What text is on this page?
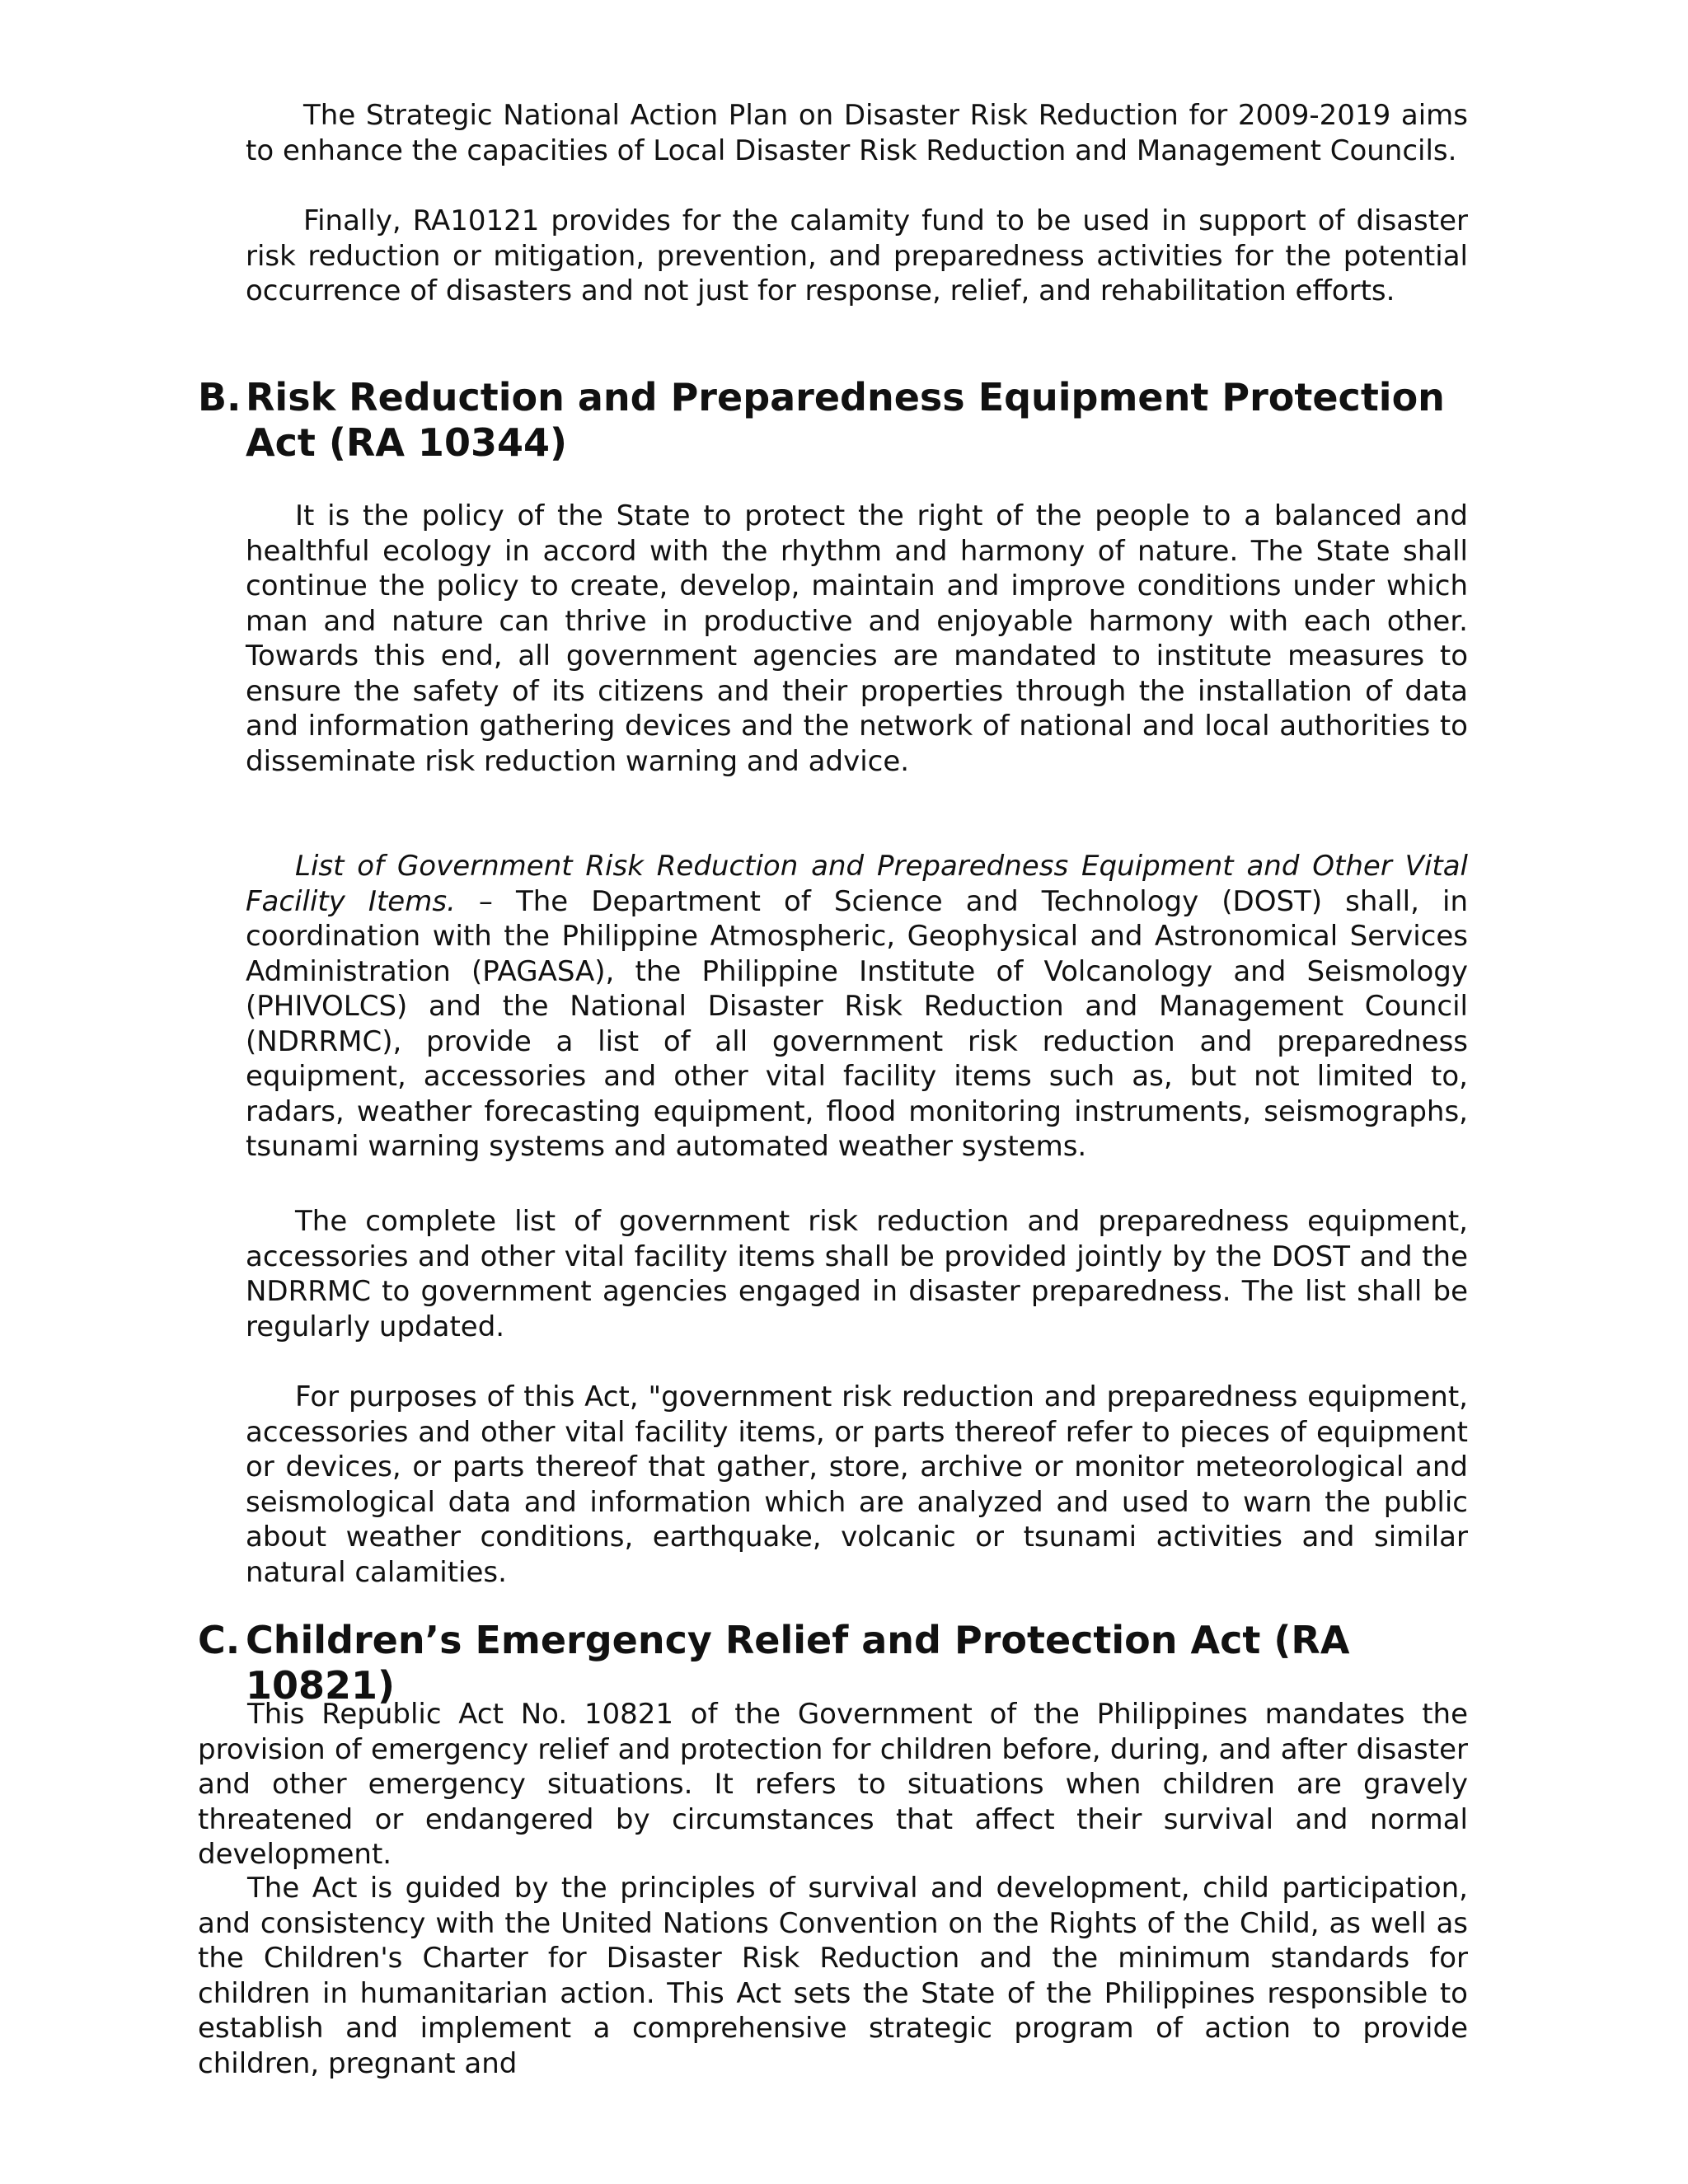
The Strategic National Action Plan on Disaster Risk Reduction for 2009-2019 aims to enhance the capacities of Local Disaster Risk Reduction and Management Councils.

Finally, RA10121 provides for the calamity fund to be used in support of disaster risk reduction or mitigation, prevention, and preparedness activities for the potential occurrence of disasters and not just for response, relief, and rehabilitation efforts.

B. Risk Reduction and Preparedness Equipment Protection Act (RA 10344)

It is the policy of the State to protect the right of the people to a balanced and healthful ecology in accord with the rhythm and harmony of nature. The State shall continue the policy to create, develop, maintain and improve conditions under which man and nature can thrive in productive and enjoyable harmony with each other. Towards this end, all government agencies are mandated to institute measures to ensure the safety of its citizens and their properties through the installation of data and information gathering devices and the network of national and local authorities to disseminate risk reduction warning and advice.

List of Government Risk Reduction and Preparedness Equipment and Other Vital Facility Items. – The Department of Science and Technology (DOST) shall, in coordination with the Philippine Atmospheric, Geophysical and Astronomical Services Administration (PAGASA), the Philippine Institute of Volcanology and Seismology (PHIVOLCS) and the National Disaster Risk Reduction and Management Council (NDRRMC), provide a list of all government risk reduction and preparedness equipment, accessories and other vital facility items such as, but not limited to, radars, weather forecasting equipment, flood monitoring instruments, seismographs, tsunami warning systems and automated weather systems.

The complete list of government risk reduction and preparedness equipment, accessories and other vital facility items shall be provided jointly by the DOST and the NDRRMC to government agencies engaged in disaster preparedness. The list shall be regularly updated.

For purposes of this Act, "government risk reduction and preparedness equipment, accessories and other vital facility items, or parts thereof refer to pieces of equipment or devices, or parts thereof that gather, store, archive or monitor meteorological and seismological data and information which are analyzed and used to warn the public about weather conditions, earthquake, volcanic or tsunami activities and similar natural calamities.

C. Children’s Emergency Relief and Protection Act (RA 10821)

This Republic Act No. 10821 of the Government of the Philippines mandates the provision of emergency relief and protection for children before, during, and after disaster and other emergency situations. It refers to situations when children are gravely threatened or endangered by circumstances that affect their survival and normal development.

The Act is guided by the principles of survival and development, child participation, and consistency with the United Nations Convention on the Rights of the Child, as well as the Children's Charter for Disaster Risk Reduction and the minimum standards for children in humanitarian action. This Act sets the State of the Philippines responsible to establish and implement a comprehensive strategic program of action to provide children, pregnant and
